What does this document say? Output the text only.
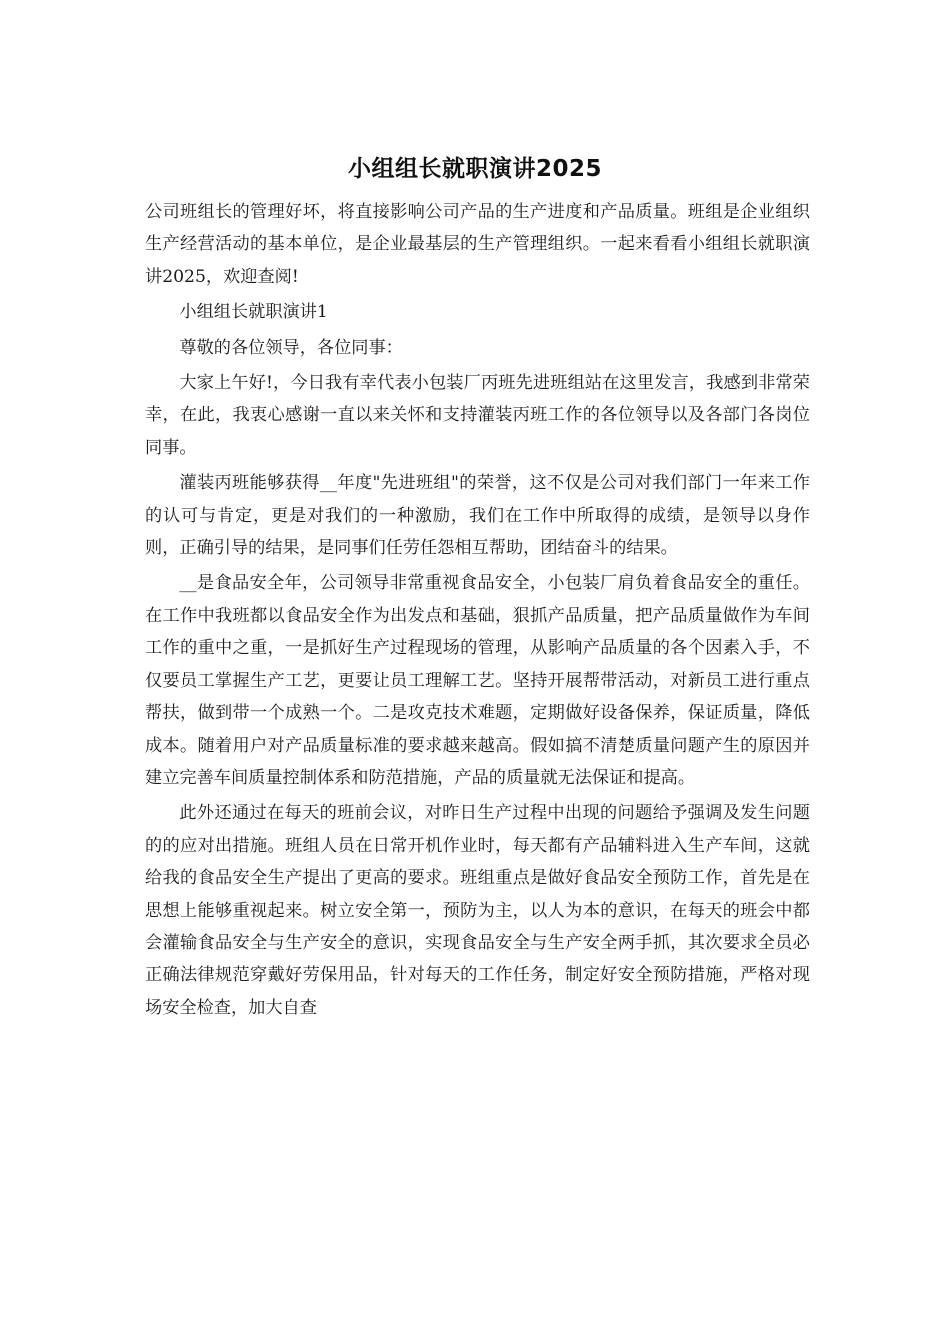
小组组长就职演讲2025

公司班组长的管理好坏，将直接影响公司产品的生产进度和产品质量。班组是企业组织生产经营活动的基本单位，是企业最基层的生产管理组织。一起来看看小组组长就职演讲2025，欢迎查阅!

小组组长就职演讲1

尊敬的各位领导，各位同事：

大家上午好!，今日我有幸代表小包装厂丙班先进班组站在这里发言，我感到非常荣幸，在此，我衷心感谢一直以来关怀和支持灌装丙班工作的各位领导以及各部门各岗位同事。

灌装丙班能够获得__年度"先进班组"的荣誉，这不仅是公司对我们部门一年来工作的认可与肯定，更是对我们的一种激励，我们在工作中所取得的成绩，是领导以身作则，正确引导的结果，是同事们任劳任怨相互帮助，团结奋斗的结果。

__是食品安全年，公司领导非常重视食品安全，小包装厂肩负着食品安全的重任。在工作中我班都以食品安全作为出发点和基础，狠抓产品质量，把产品质量做作为车间工作的重中之重，一是抓好生产过程现场的管理，从影响产品质量的各个因素入手，不仅要员工掌握生产工艺，更要让员工理解工艺。坚持开展帮带活动，对新员工进行重点帮扶，做到带一个成熟一个。二是攻克技术难题，定期做好设备保养，保证质量，降低成本。随着用户对产品质量标准的要求越来越高。假如搞不清楚质量问题产生的原因并建立完善车间质量控制体系和防范措施，产品的质量就无法保证和提高。

此外还通过在每天的班前会议，对昨日生产过程中出现的问题给予强调及发生问题的的应对出措施。班组人员在日常开机作业时，每天都有产品辅料进入生产车间，这就给我的食品安全生产提出了更高的要求。班组重点是做好食品安全预防工作，首先是在思想上能够重视起来。树立安全第一，预防为主，以人为本的意识，在每天的班会中都会灌输食品安全与生产安全的意识，实现食品安全与生产安全两手抓，其次要求全员必正确法律规范穿戴好劳保用品，针对每天的工作任务，制定好安全预防措施，严格对现场安全检查，加大自查
